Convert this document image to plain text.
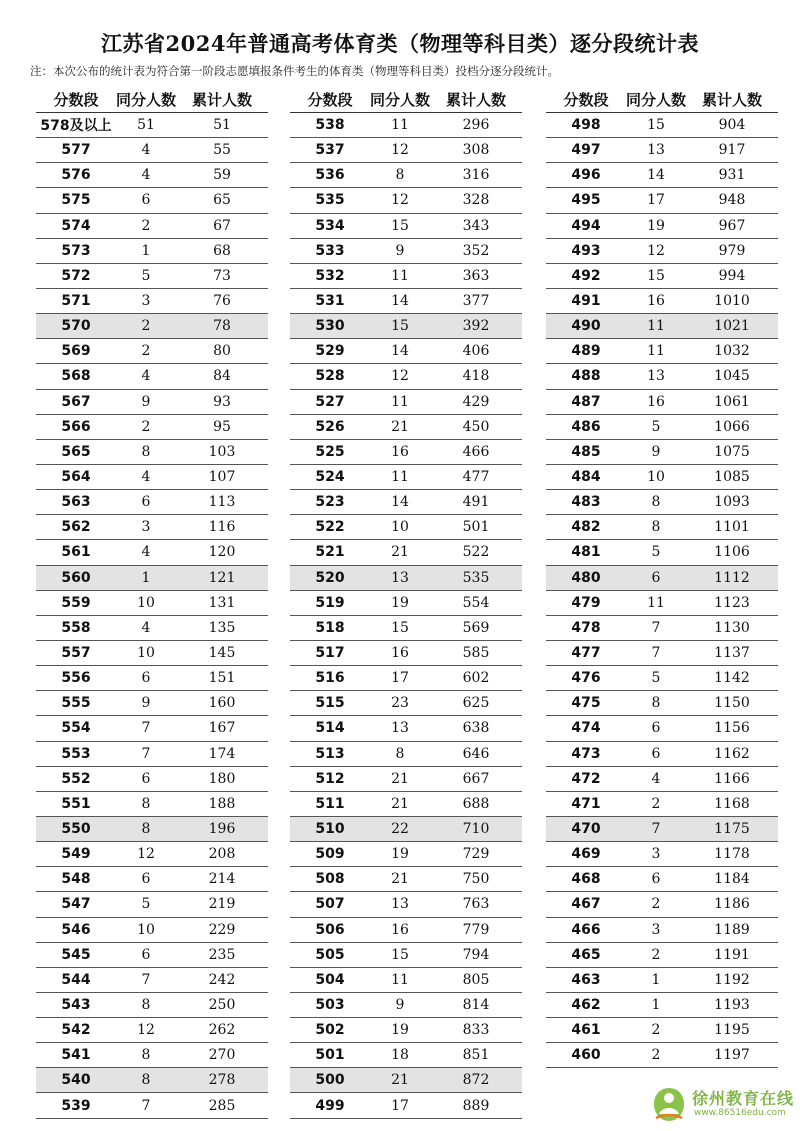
江苏省2024年普通高考体育类（物理等科目类）逐分段统计表
注：本次公布的统计表为符合第一阶段志愿填报条件考生的体育类（物理等科目类）投档分逐分段统计。
分数段	同分人数	累计人数
578及以上	51	51
577	4	55
576	4	59
575	6	65
574	2	67
573	1	68
572	5	73
571	3	76
570	2	78
569	2	80
568	4	84
567	9	93
566	2	95
565	8	103
564	4	107
563	6	113
562	3	116
561	4	120
560	1	121
559	10	131
558	4	135
557	10	145
556	6	151
555	9	160
554	7	167
553	7	174
552	6	180
551	8	188
550	8	196
549	12	208
548	6	214
547	5	219
546	10	229
545	6	235
544	7	242
543	8	250
542	12	262
541	8	270
540	8	278
539	7	285
分数段	同分人数	累计人数
538	11	296
537	12	308
536	8	316
535	12	328
534	15	343
533	9	352
532	11	363
531	14	377
530	15	392
529	14	406
528	12	418
527	11	429
526	21	450
525	16	466
524	11	477
523	14	491
522	10	501
521	21	522
520	13	535
519	19	554
518	15	569
517	16	585
516	17	602
515	23	625
514	13	638
513	8	646
512	21	667
511	21	688
510	22	710
509	19	729
508	21	750
507	13	763
506	16	779
505	15	794
504	11	805
503	9	814
502	19	833
501	18	851
500	21	872
499	17	889
分数段	同分人数	累计人数
498	15	904
497	13	917
496	14	931
495	17	948
494	19	967
493	12	979
492	15	994
491	16	1010
490	11	1021
489	11	1032
488	13	1045
487	16	1061
486	5	1066
485	9	1075
484	10	1085
483	8	1093
482	8	1101
481	5	1106
480	6	1112
479	11	1123
478	7	1130
477	7	1137
476	5	1142
475	8	1150
474	6	1156
473	6	1162
472	4	1166
471	2	1168
470	7	1175
469	3	1178
468	6	1184
467	2	1186
466	3	1189
465	2	1191
463	1	1192
462	1	1193
461	2	1195
460	2	1197
徐州教育在线
www.86516edu.com
